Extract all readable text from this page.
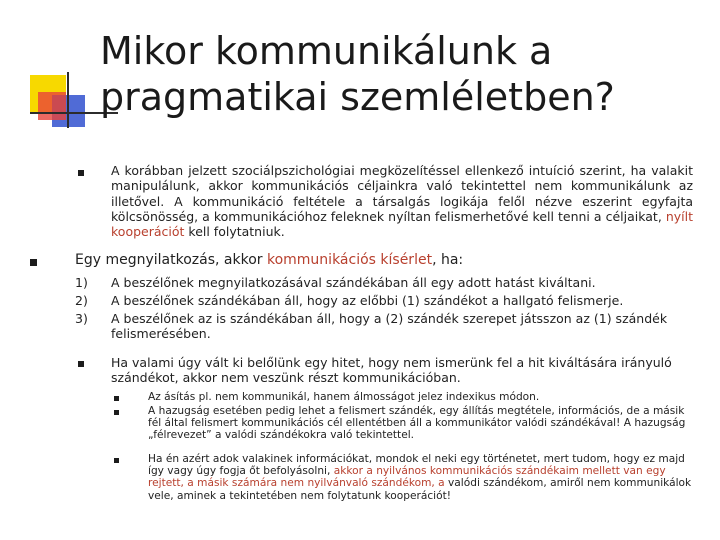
Mikor kommunikálunk a
pragmatikai szemléletben?

A korábban jelzett szociálpszichológiai megközelítéssel ellenkező intuíció szerint, ha valakit manipulálunk, akkor kommunikációs céljainkra való tekintettel nem kommunikálunk az illetővel. A kommunikáció feltétele a társalgás logikája felől nézve eszerint egyfajta kölcsönösség, a kommunikációhoz feleknek nyíltan felismerhetővé kell tenni a céljaikat, nyílt kooperációt kell folytatniuk.

Egy megnyilatkozás, akkor kommunikációs kísérlet, ha:

1) A beszélőnek megnyilatkozásával szándékában áll egy adott hatást kiváltani.

2) A beszélőnek szándékában áll, hogy az előbbi (1) szándékot a hallgató felismerje.

3) A beszélőnek az is szándékában áll, hogy a (2) szándék szerepet játsszon az (1) szándék felismerésében.

Ha valami úgy vált ki belőlünk egy hitet, hogy nem ismerünk fel a hit kiváltására irányuló szándékot, akkor nem veszünk részt kommunikációban.

Az ásítás pl. nem kommunikál, hanem álmosságot jelez indexikus módon.

A hazugság esetében pedig lehet a felismert szándék, egy állítás megtétele, információs, de a másik fél által felismert kommunikációs cél ellentétben áll a kommunikátor valódi szándékával! A hazugság „félrevezet” a valódi szándékokra való tekintettel.

Ha én azért adok valakinek információkat, mondok el neki egy történetet, mert tudom, hogy ez majd így vagy úgy fogja őt befolyásolni, akkor a nyilvános kommunikációs szándékaim mellett van egy rejtett, a másik számára nem nyilvánvaló szándékom, a valódi szándékom, amiről nem kommunikálok vele, aminek a tekintetében nem folytatunk kooperációt!
